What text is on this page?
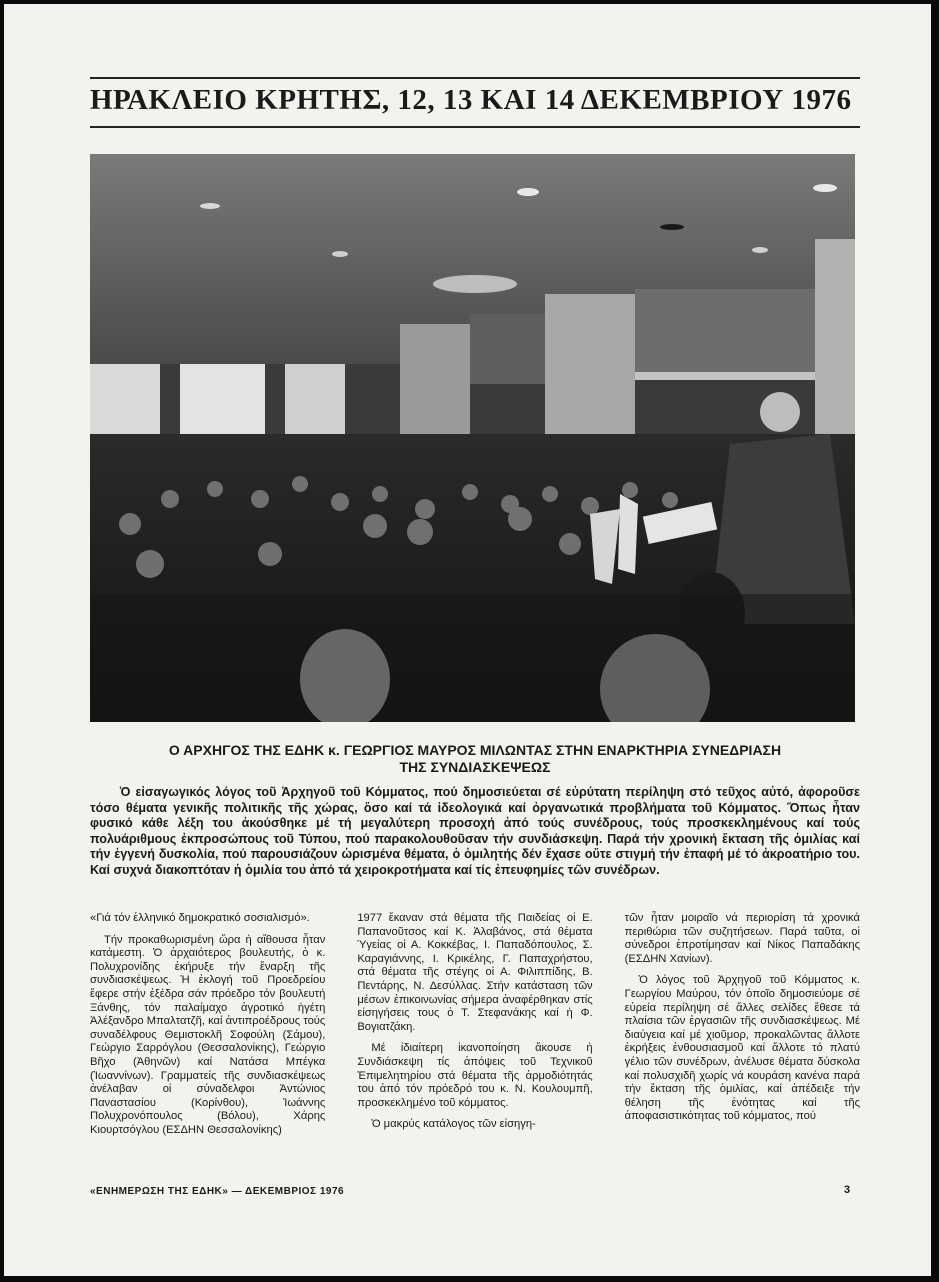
ΗΡΑΚΛΕΙΟ ΚΡΗΤΗΣ, 12, 13 ΚΑΙ 14 ΔΕΚΕΜΒΡΙΟΥ 1976
Ο ΑΡΧΗΓΟΣ ΤΗΣ ΕΔΗΚ κ. ΓΕΩΡΓΙΟΣ ΜΑΥΡΟΣ ΜΙΛΩΝΤΑΣ ΣΤΗΝ ΕΝΑΡΚΤΗΡΙΑ ΣΥΝΕΔΡΙΑΣΗ
ΤΗΣ ΣΥΝΔΙΑΣΚΕΨΕΩΣ
Ὁ εἰσαγωγικός λόγος τοῦ Ἀρχηγοῦ τοῦ Κόμματος, πού δημοσιεύεται σέ εὐρύτατη περίληψη στό τεῦχος αὐτό, ἀφοροῦσε τόσο θέματα γενικῆς πολιτικῆς τῆς χώρας, ὅσο καί τά ἰδεολογικά καί ὀργανωτικά προβλήματα τοῦ Κόμματος. Ὅπως ἦταν φυσικό κάθε λέξη του ἀκούσθηκε μέ τή μεγαλύτερη προσοχή ἀπό τούς συνέδρους, τούς προσκεκλημένους καί τούς πολυάριθμους ἐκπροσώπους τοῦ Τύπου, πού παρακολουθοῦσαν τήν συνδιάσκεψη. Παρά τήν χρονική ἔκταση τῆς ὁμιλίας καί τήν ἐγγενή δυσκολία, πού παρουσιάζουν ὡρισμένα θέματα, ὁ ὁμιλητής δέν ἔχασε οὔτε στιγμή τήν ἐπαφή μέ τό ἀκροατήριο του. Καί συχνά διακοπτόταν ἡ ὁμιλία του ἀπό τά χειροκροτήματα καί τίς ἐπευφημίες τῶν συνέδρων.

«Γιά τόν ἑλληνικό δημοκρατικό σοσιαλισμό».

Τήν προκαθωρισμένη ὥρα ἡ αἴθουσα ἦταν κατάμεστη. Ὁ ἀρχαιότερος βουλευτής, ὁ κ. Πολυχρονίδης ἐκήρυξε τήν ἔναρξη τῆς συνδιασκέψεως. Ἡ ἐκλογή τοῦ Προεδρείου ἔφερε στήν ἑξέδρα σάν πρόεδρο τόν βουλευτή Ξάνθης, τόν παλαίμαχο ἀγροτικό ἡγέτη Ἀλέξανδρο Μπαλτατζῆ, καί ἀντιπροέδρους τούς συναδέλφους Θεμιστοκλῆ Σοφούλη (Σάμου), Γεώργιο Σαρρόγλου (Θεσσαλονίκης), Γεώργιο Βῆχο (Ἀθηνῶν) καί Νατάσα Μπέγκα (Ἰωαννίνων). Γραμματείς τῆς συνδιασκέψεως ἀνέλαβαν οἱ σύναδελφοι Ἀντώνιος Παναστασίου (Κορίνθου), Ἰωάννης Πολυχρονόπουλος (Βόλου), Χάρης Κιουρτσόγλου (ΕΣΔΗΝ Θεσσαλονίκης)

1977 ἔκαναν στά θέματα τῆς Παιδείας οἱ Ε. Παπανοῦτσος καί Κ. Ἀλαβάνος, στά θέματα Ὑγείας οἱ Α. Κοκκέβας, Ι. Παπαδόπουλος, Σ. Καραγιάννης, Ι. Κρικέλης, Γ. Παπαχρήστου, στά θέματα τῆς στέγης οἱ Α. Φιλιππίδης, Β. Πεντάρης, Ν. Δεσύλλας. Στήν κατάσταση τῶν μέσων ἐπικοινωνίας σήμερα ἀναφέρθηκαν στίς εἰσηγήσεις τους ὁ Τ. Στεφανάκης καί ἡ Φ. Βογιατζάκη.

Μέ ἰδιαίτερη ἱκανοποίηση ἄκουσε ἡ Συνδιάσκεψη τίς ἀπόψεις τοῦ Τεχνικοῦ Ἐπιμελητηρίου στά θέματα τῆς ἁρμοδιότητάς του ἀπό τόν πρόεδρό του κ. Ν. Κουλουμπῆ, προσκεκλημένο τοῦ κόμματος.

Ὁ μακρύς κατάλογος τῶν εἰσηγη-

τῶν ἦταν μοιραῖο νά περιορίση τά χρονικά περιθώρια τῶν συζητήσεων. Παρά ταῦτα, οἱ σύνεδροι ἐπροτίμησαν καί Νίκος Παπαδάκης (ΕΣΔΗΝ Χανίων).

Ὁ λόγος τοῦ Ἀρχηγοῦ τοῦ Κόμματος κ. Γεωργίου Μαύρου, τόν ὁποῖο δημοσιεύομε σέ εὐρεία περίληψη σέ ἄλλες σελίδες ἔθεσε τά πλαίσια τῶν ἐργασιῶν τῆς συνδιασκέψεως. Μέ διαύγεια καί μέ χιοῦμορ, προκαλῶντας ἄλλοτε ἐκρήξεις ἐνθουσιασμοῦ καί ἄλλοτε τό πλατύ γέλιο τῶν συνέδρων, ἀνέλυσε θέματα δύσκολα καί πολυσχιδῆ χωρίς νά κουράση κανένα παρά τήν ἔκταση τῆς ὁμιλίας, καί ἀπέδειξε τήν θέληση τῆς ἑνότητας καί τῆς ἀποφασιστικότητας τοῦ κόμματος, πού

«ΕΝΗΜΕΡΩΣΗ ΤΗΣ ΕΔΗΚ» — ΔΕΚΕΜΒΡΙΟΣ 1976	3
